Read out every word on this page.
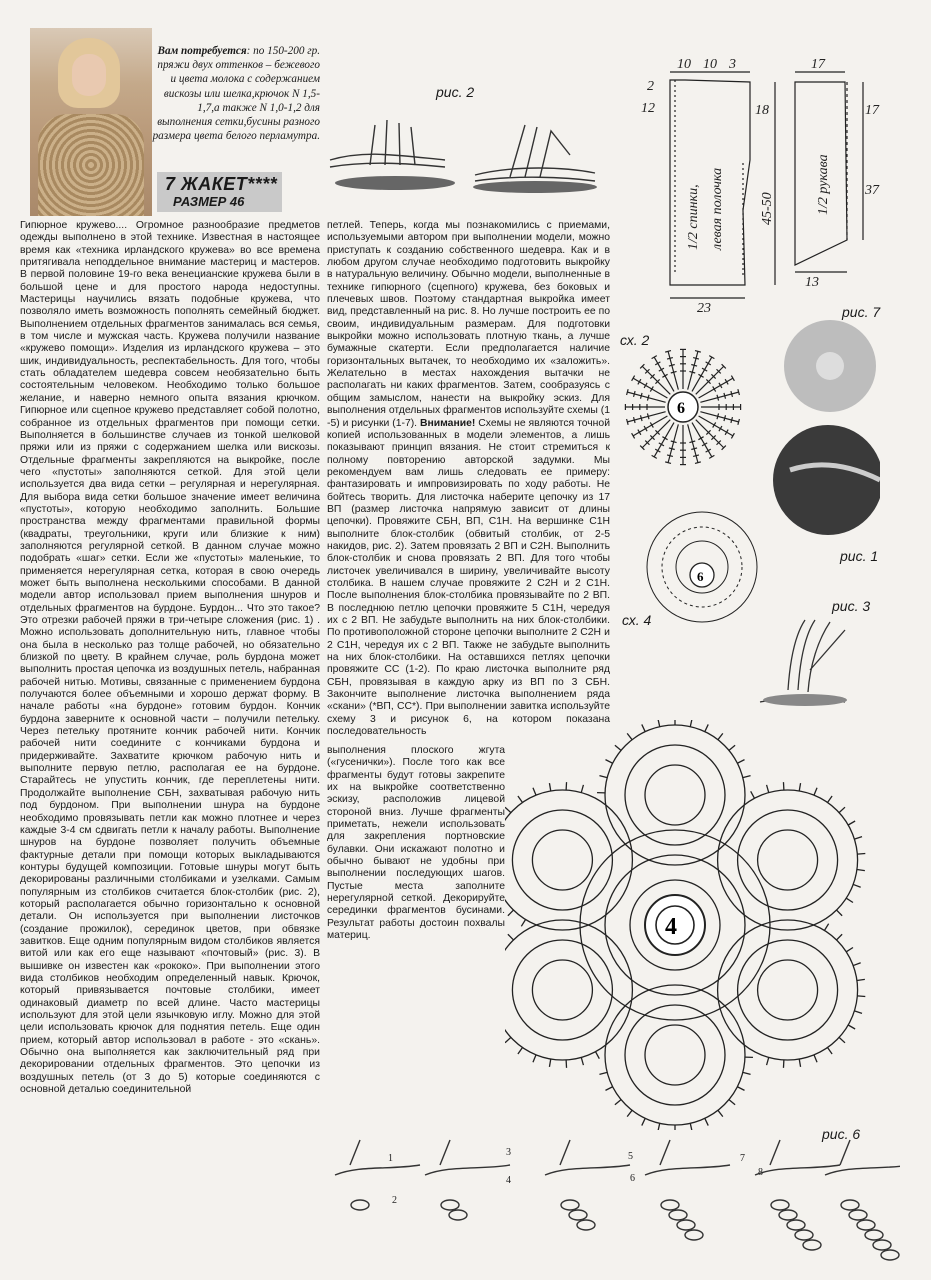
Вам потребуется: по 150-200 гр. пряжи двух оттенков – бежевого и цвета молока с содержанием вискозы или шелка,крючок N 1,5-1,7,а также N 1,0-1,2 для выполнения сетки,бусины разного размера цвета белого перламутра.
7 ЖАКЕТ****
РАЗМЕР 46

Гипюрное кружево.... Огромное разнообразие предметов одежды выполнено в этой технике. Известная в настоящее время как «техника ирландского кружева» во все времена притягивала неподдельное внимание мастериц и мастеров. В первой половине 19-го века венецианские кружева были в большой цене и для простого народа недоступны. Мастерицы научились вязать подобные кружева, что позволяло иметь возможность пополнять семейный бюджет. Выполнением отдельных фрагментов занималась вся семья, в том числе и мужская часть. Кружева получили название «кружево помощи». Изделия из ирландского кружева – это шик, индивидуальность, респектабельность. Для того, чтобы стать обладателем шедевра совсем необязательно быть состоятельным человеком. Необходимо только большое желание, и наверно немного опыта вязания крючком. Гипюрное или сцепное кружево представляет собой полотно, собранное из отдельных фрагментов при помощи сетки. Выполняется в большинстве случаев из тонкой шелковой пряжи или из пряжи с содержанием шелка или вискозы. Отдельные фрагменты закрепляются на выкройке, после чего «пустоты» заполняются сеткой. Для этой цели используется два вида сетки – регулярная и нерегулярная. Для выбора вида сетки большое значение имеет величина «пустоты», которую необходимо заполнить. Большие пространства между фрагментами правильной формы (квадраты, треугольники, круги или близкие к ним) заполняются регулярной сеткой. В данном случае можно подобрать «шаг» сетки. Если же «пустоты» маленькие, то применяется нерегулярная сетка, которая в свою очередь может быть выполнена несколькими способами. В данной модели автор использовал прием выполнения шнуров и отдельных фрагментов на бурдоне. Бурдон... Что это такое? Это отрезки рабочей пряжи в три-четыре сложения (рис. 1) . Можно использовать дополнительную нить, главное чтобы она была в несколько раз толще рабочей, но обязательно близкой по цвету. В крайнем случае, роль бурдона может выполнить простая цепочка из воздушных петель, набранная рабочей нитью. Мотивы, связанные с применением бурдона получаются более объемными и хорошо держат форму. В начале работы «на бурдоне» готовим бурдон. Кончик бурдона заверните к основной части – получили петельку. Через петельку протяните кончик рабочей нити. Кончик рабочей нити соедините с кончиками бурдона и придерживайте. Захватите крючком рабочую нить и выполните первую петлю, располагая ее на бурдоне. Старайтесь не упустить кончик, где переплетены нити. Продолжайте выполнение СБН, захватывая рабочую нить под бурдоном. При выполнении шнура на бурдоне необходимо провязывать петли как можно плотнее и через каждые 3-4 см сдвигать петли к началу работы. Выполнение шнуров на бурдоне позволяет получить объемные фактурные детали при помощи которых выкладываются контуры будущей композиции. Готовые шнуры могут быть декорированы различными столбиками и узелками. Самым популярным из столбиков считается блок-столбик (рис. 2), который располагается обычно горизонтально к основной детали. Он используется при выполнении листочков (создание прожилок), серединок цветов, при обвязке завитков. Еще одним популярным видом столбиков является витой или как его еще называют «почтовый» (рис. 3). В вышивке он известен как «рококо». При выполнении этого вида столбиков необходим определенный навык. Крючок, который привязывается почтовые столбики, имеет одинаковый диаметр по всей длине. Часто мастерицы используют для этой цели язычковую иглу. Можно для этой цели использовать крючок для поднятия петель. Еще один прием, который автор использовал в работе - это «скань». Обычно она выполняется как заключительный ряд при декорировании отдельных фрагментов. Это цепочки из воздушных петель (от 3 до 5) которые соединяются с основной деталью соединительной

петлей. Теперь, когда мы познакомились с приемами, используемыми автором при выполнении модели, можно приступать к созданию собственного шедевра. Как и в любом другом случае необходимо подготовить выкройку в натуральную величину. Обычно модели, выполненные в технике гипюрного (сцепного) кружева, без боковых и плечевых швов. Поэтому стандартная выкройка имеет вид, представленный на рис. 8. Но лучше построить ее по своим, индивидуальным размерам. Для подготовки выкройки можно использовать плотную ткань, а лучше бумажные скатерти. Если предполагается наличие горизонтальных вытачек, то необходимо их «заложить». Желательно в местах нахождения вытачки не располагать ни каких фрагментов. Затем, сообразуясь с общим замыслом, нанести на выкройку эскиз. Для выполнения отдельных фрагментов используйте схемы (1 -5) и рисунки (1-7). Внимание! Схемы не являются точной копией использованных в модели элементов, а лишь показывают принцип вязания. Не стоит стремиться к полному повторению авторской задумки. Мы рекомендуем вам лишь следовать ее примеру: фантазировать и импровизировать по ходу работы. Не бойтесь творить. Для листочка наберите цепочку из 17 ВП (размер листочка напрямую зависит от длины цепочки). Провяжите СБН, ВП, С1Н. На вершинке С1Н выполните блок-столбик (обвитый столбик, от 2-5 накидов, рис. 2). Затем провязать 2 ВП и С2Н. Выполнить блок-столбик и снова провязать 2 ВП. Для того чтобы листочек увеличивался в ширину, увеличивайте высоту столбика. В нашем случае провяжите 2 С2Н и 2 С1Н. После выполнения блок-столбика провязывайте по 2 ВП. В последнюю петлю цепочки провяжите 5 С1Н, чередуя их с 2 ВП. Не забудьте выполнить на них блок-столбики. По противоположной стороне цепочки выполните 2 С2Н и 2 С1Н, чередуя их с 2 ВП. Также не забудьте выполнить на них блок-столбики. На оставшихся петлях цепочки провяжите СС (1-2). По краю листочка выполните ряд СБН, провязывая в каждую арку из ВП по 3 СБН. Закончите выполнение листочка выполнением ряда «скани» (*ВП, СС*). При выполнении завитка используйте схему 3 и рисунок 6, на котором показана последовательность

выполнения плоского жгута («гусенички»). После того как все фрагменты будут готовы закрепите их на выкройке соответственно эскизу, расположив лицевой стороной вниз. Лучше фрагменты приметать, нежели использовать для закрепления портновские булавки. Они искажают полотно и обычно бывают не удобны при выполнении последующих шагов. Пустые места заполните нерегулярной сеткой. Декорируйте серединки фрагментов бусинами. Результат работы достоин похвалы материц.

рис. 2
10 10 3
2
12	18
23
17
17
37
13
1/2 спинки, левая полочка	45-50	1/2 рукава
рис. 7
сх. 2
6
рис. 1
6
сх. 4
рис. 3
4
рис. 6
1
2
3
4
5
6
7
8
